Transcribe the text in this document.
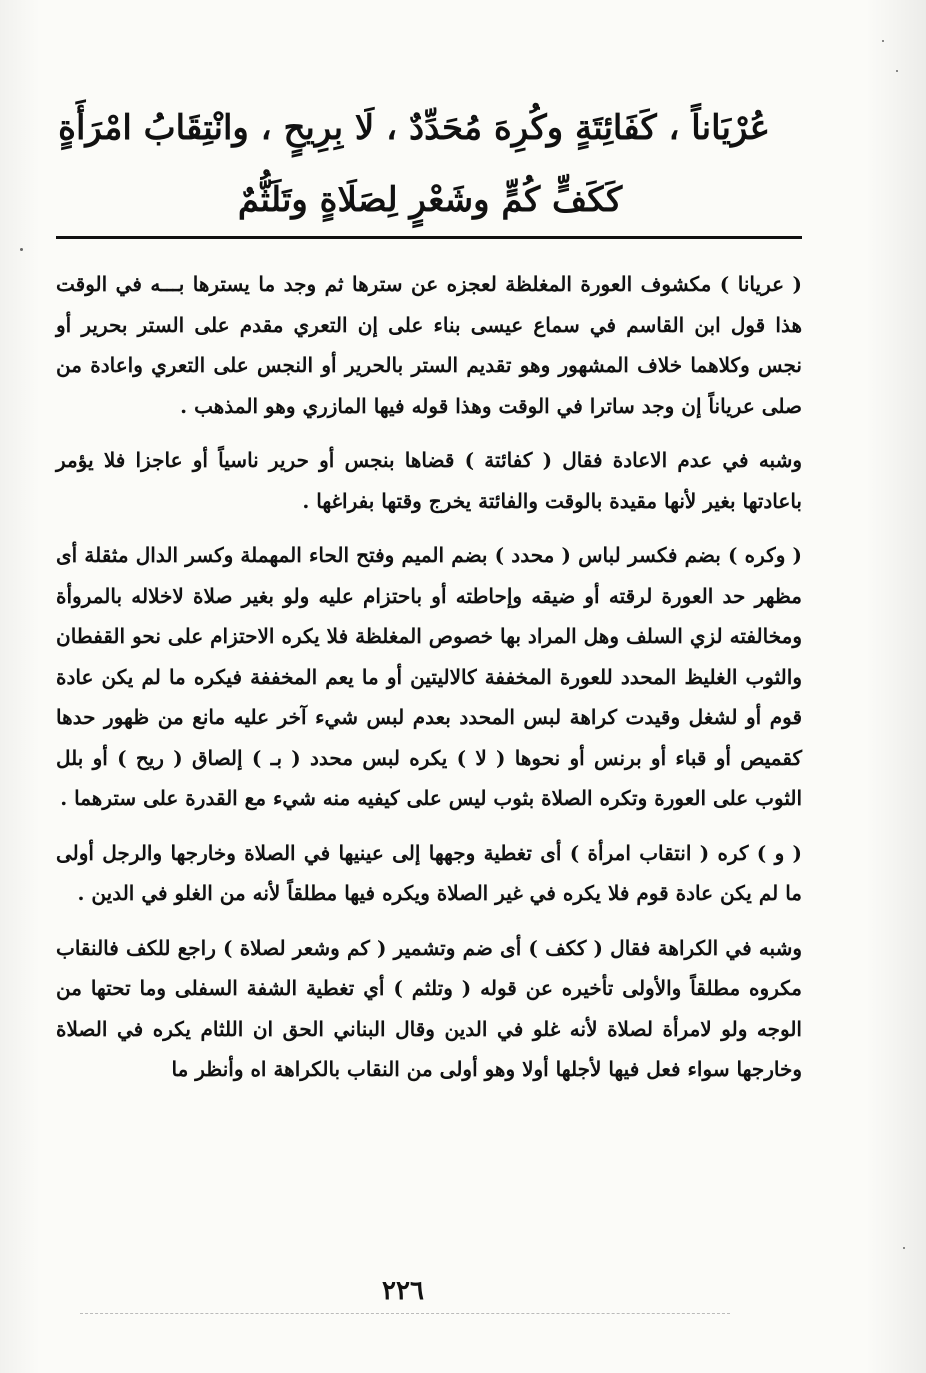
عُرْيَاناً ، كَفَائِتَةٍ وكُرِهَ مُحَدِّدٌ ، لَا بِرِيحٍ ، وانْتِقَابُ امْرَأَةٍ
كَكَفٍّ كُمٍّ وشَعْرٍ لِصَلَاةٍ وتَلَثُّمٌ

( عريانا ) مكشوف العورة المغلظة لعجزه عن سترها ثم وجد ما يسترها بـــه في الوقت هذا قول ابن القاسم في سماع عيسى بناء على إن التعري مقدم على الستر بحرير أو نجس وكلاهما خلاف المشهور وهو تقديم الستر بالحرير أو النجس على التعري واعادة من صلى عرياناً إن وجد ساترا في الوقت وهذا قوله فيها المازري وهو المذهب .

وشبه في عدم الاعادة فقال ( كفائتة ) قضاها بنجس أو حرير ناسياً أو عاجزا فلا يؤمر باعادتها بغير لأنها مقيدة بالوقت والفائتة يخرج وقتها بفراغها .

( وكره ) بضم فكسر لباس ( محدد ) بضم الميم وفتح الحاء المهملة وكسر الدال مثقلة أى مظهر حد العورة لرقته أو ضيقه وإحاطته أو باحتزام عليه ولو بغير صلاة لاخلاله بالمروأة ومخالفته لزي السلف وهل المراد بها خصوص المغلظة فلا يكره الاحتزام على نحو القفطان والثوب الغليظ المحدد للعورة المخففة كالاليتين أو ما يعم المخففة فيكره ما لم يكن عادة قوم أو لشغل وقيدت كراهة لبس المحدد بعدم لبس شيء آخر عليه مانع من ظهور حدها كقميص أو قباء أو برنس أو نحوها ( لا ) يكره لبس محدد ( بـ ) إلصاق ( ريح ) أو بلل الثوب على العورة وتكره الصلاة بثوب ليس على كيفيه منه شيء مع القدرة على سترهما .

( و ) كره ( انتقاب امرأة ) أى تغطية وجهها إلى عينيها في الصلاة وخارجها والرجل أولى ما لم يكن عادة قوم فلا يكره في غير الصلاة ويكره فيها مطلقاً لأنه من الغلو في الدين .

وشبه في الكراهة فقال ( ككف ) أى ضم وتشمير ( كم وشعر لصلاة ) راجع للكف فالنقاب مكروه مطلقاً والأولى تأخيره عن قوله ( وتلثم ) أي تغطية الشفة السفلى وما تحتها من الوجه ولو لامرأة لصلاة لأنه غلو في الدين وقال البناني الحق ان اللثام يكره في الصلاة وخارجها سواء فعل فيها لأجلها أولا وهو أولى من النقاب بالكراهة اه وأنظر ما

٢٢٦
